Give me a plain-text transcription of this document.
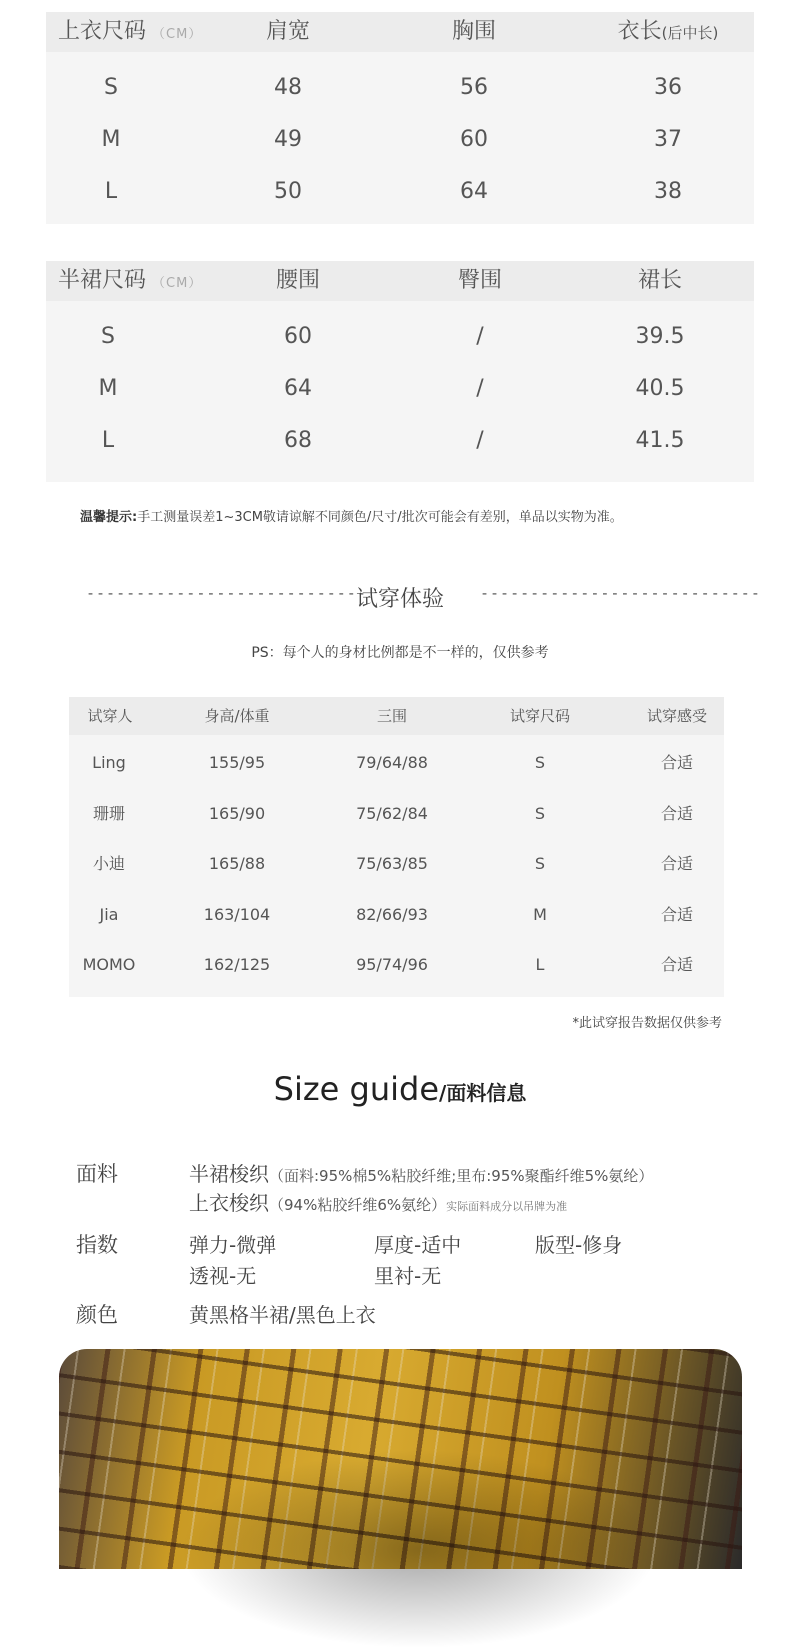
上衣尺码 （CM）	肩宽	胸围	衣长(后中长)
S	48	56	36
M	49	60	37
L	50	64	38
半裙尺码 （CM）	腰围	臀围	裙长
S	60	/	39.5
M	64	/	40.5
L	68	/	41.5
温馨提示:手工测量误差1~3CM敬请谅解不同颜色/尺寸/批次可能会有差别，单品以实物为准。
----------------------------	----------------------------
试穿体验
PS：每个人的身材比例都是不一样的，仅供参考
试穿人	身高/体重	三围	试穿尺码	试穿感受
Ling	155/95	79/64/88	S	合适
珊珊	165/90	75/62/84	S	合适
小迪	165/88	75/63/85	S	合适
Jia	163/104	82/66/93	M	合适
MOMO	162/125	95/74/96	L	合适
*此试穿报告数据仅供参考
Size guide/面料信息
面料	半裙梭织（面料:95%棉5%粘胶纤维;里布:95%聚酯纤维5%氨纶）
上衣梭织（94%粘胶纤维6%氨纶）实际面料成分以吊牌为准
指数	弹力-微弹	厚度-适中	版型-修身
透视-无	里衬-无
颜色	黄黑格半裙/黑色上衣
